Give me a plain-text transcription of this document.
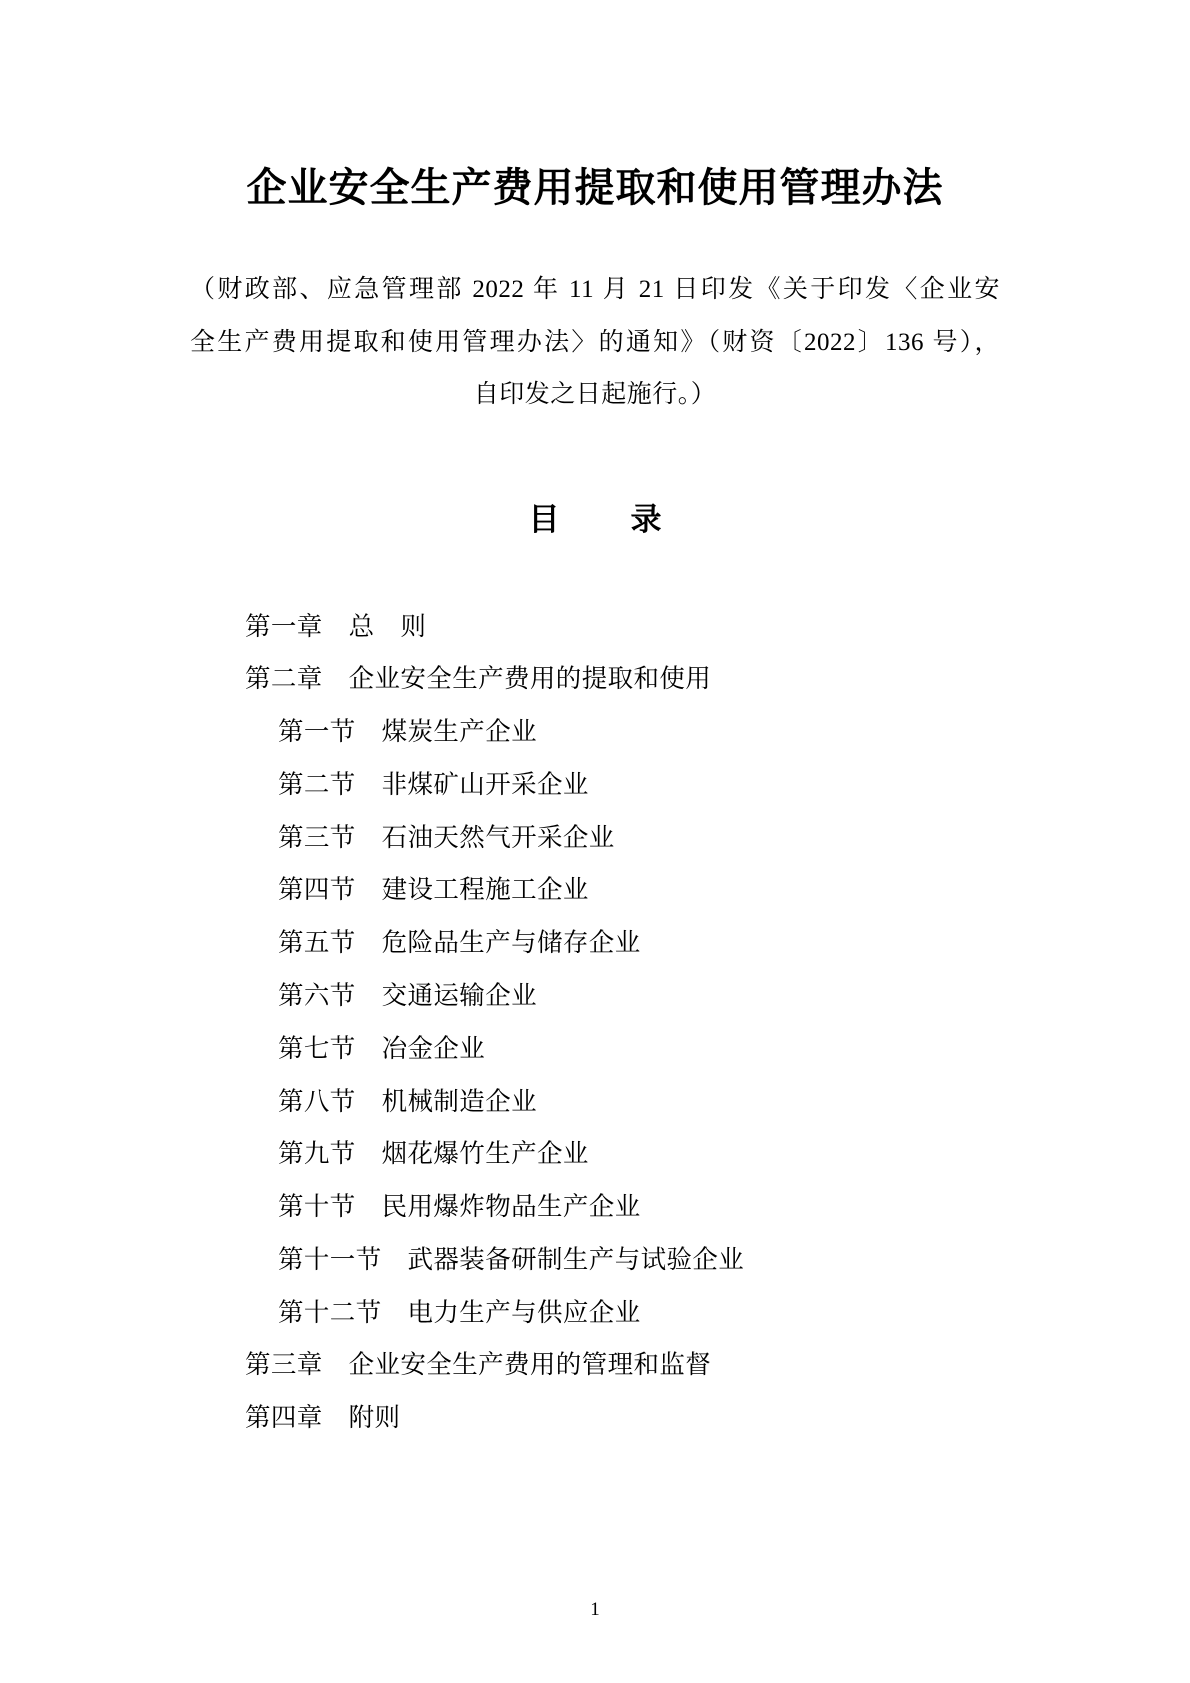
企业安全生产费用提取和使用管理办法
（财政部、应急管理部 2022 年 11 月 21 日印发《关于印发〈企业安
全生产费用提取和使用管理办法〉的通知》（财资〔2022〕136 号），
自印发之日起施行。）
目　录
第一章　总　则
第二章　企业安全生产费用的提取和使用
第一节　煤炭生产企业
第二节　非煤矿山开采企业
第三节　石油天然气开采企业
第四节　建设工程施工企业
第五节　危险品生产与储存企业
第六节　交通运输企业
第七节　冶金企业
第八节　机械制造企业
第九节　烟花爆竹生产企业
第十节　民用爆炸物品生产企业
第十一节　武器装备研制生产与试验企业
第十二节　电力生产与供应企业
第三章　企业安全生产费用的管理和监督
第四章　附则
1
